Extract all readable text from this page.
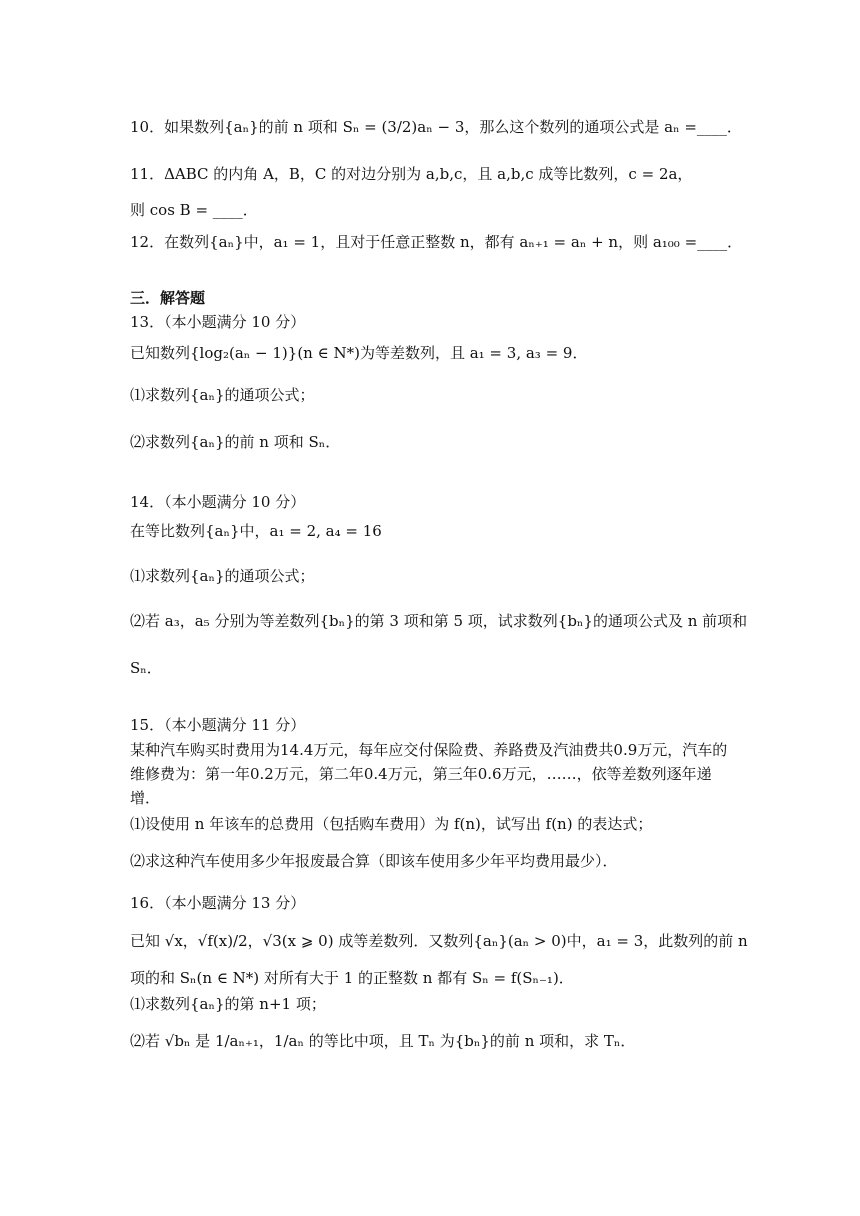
10．如果数列{aₙ}的前 n 项和 Sₙ = (3/2)aₙ − 3，那么这个数列的通项公式是 aₙ =____．
11．ΔABC 的内角 A，B，C 的对边分别为 a,b,c，且 a,b,c 成等比数列，c = 2a，
则 cos B = ____．
12．在数列{aₙ}中，a₁ = 1，且对于任意正整数 n，都有 aₙ₊₁ = aₙ + n，则 a₁₀₀ =____．
三．解答题
13．（本小题满分 10 分）
已知数列{log₂(aₙ − 1)}(n ∈ N*)为等差数列，且 a₁ = 3, a₃ = 9．
⑴求数列{aₙ}的通项公式；
⑵求数列{aₙ}的前 n 项和 Sₙ．
14．（本小题满分 10 分）
在等比数列{aₙ}中，a₁ = 2, a₄ = 16
⑴求数列{aₙ}的通项公式；
⑵若 a₃，a₅ 分别为等差数列{bₙ}的第 3 项和第 5 项，试求数列{bₙ}的通项公式及 n 前项和
Sₙ．
15．（本小题满分 11 分）
某种汽车购买时费用为14.4万元，每年应交付保险费、养路费及汽油费共0.9万元，汽车的
维修费为：第一年0.2万元，第二年0.4万元，第三年0.6万元，……，依等差数列逐年递
增．
⑴设使用 n 年该车的总费用（包括购车费用）为 f(n)，试写出 f(n) 的表达式；
⑵求这种汽车使用多少年报废最合算（即该车使用多少年平均费用最少）．
16．（本小题满分 13 分）
已知 √x，√f(x)/2，√3(x ⩾ 0) 成等差数列．又数列{aₙ}(aₙ > 0)中，a₁ = 3，此数列的前 n
项的和 Sₙ(n ∈ N*) 对所有大于 1 的正整数 n 都有 Sₙ = f(Sₙ₋₁)．
⑴求数列{aₙ}的第 n+1 项；
⑵若 √bₙ 是 1/aₙ₊₁，1/aₙ 的等比中项，且 Tₙ 为{bₙ}的前 n 项和，求 Tₙ．
